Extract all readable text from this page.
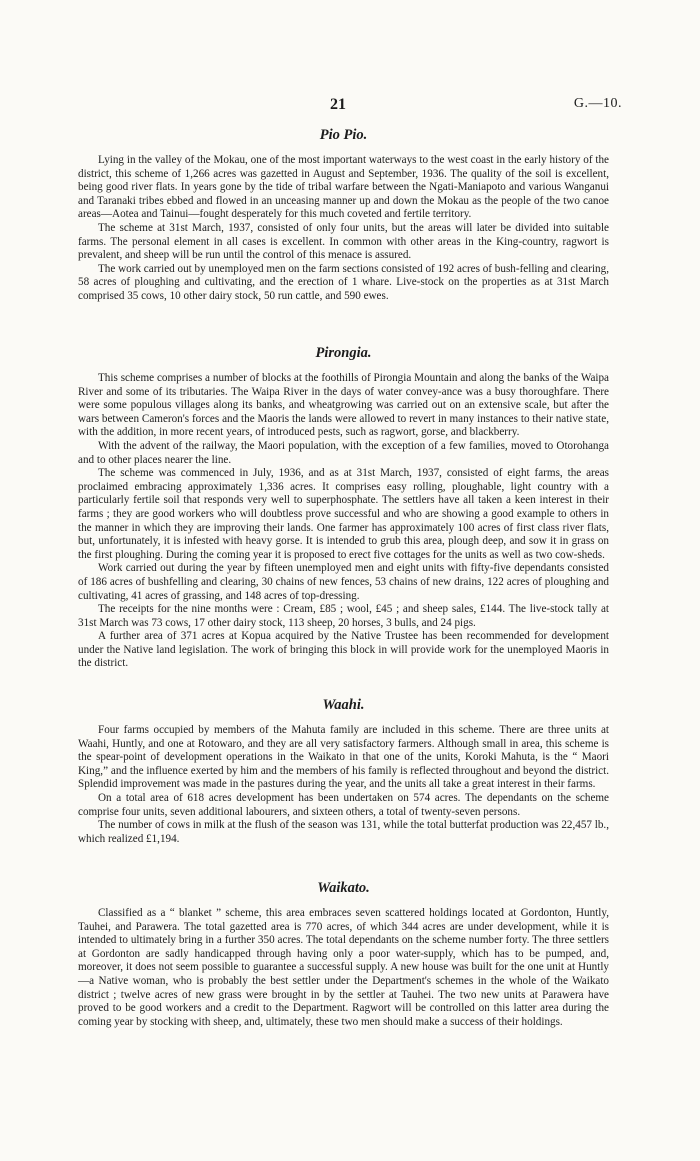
21	G.—10.
Pio Pio.

Lying in the valley of the Mokau, one of the most important waterways to the west coast in the early history of the district, this scheme of 1,266 acres was gazetted in August and September, 1936. The quality of the soil is excellent, being good river flats. In years gone by the tide of tribal warfare between the Ngati-Maniapoto and various Wanganui and Taranaki tribes ebbed and flowed in an unceasing manner up and down the Mokau as the people of the two canoe areas—Aotea and Tainui—fought desperately for this much coveted and fertile territory.

The scheme at 31st March, 1937, consisted of only four units, but the areas will later be divided into suitable farms. The personal element in all cases is excellent. In common with other areas in the King-country, ragwort is prevalent, and sheep will be run until the control of this menace is assured.

The work carried out by unemployed men on the farm sections consisted of 192 acres of bush-felling and clearing, 58 acres of ploughing and cultivating, and the erection of 1 whare. Live-stock on the properties as at 31st March comprised 35 cows, 10 other dairy stock, 50 run cattle, and 590 ewes.

Pirongia.

This scheme comprises a number of blocks at the foothills of Pirongia Mountain and along the banks of the Waipa River and some of its tributaries. The Waipa River in the days of water convey-ance was a busy thoroughfare. There were some populous villages along its banks, and wheatgrowing was carried out on an extensive scale, but after the wars between Cameron's forces and the Maoris the lands were allowed to revert in many instances to their native state, with the addition, in more recent years, of introduced pests, such as ragwort, gorse, and blackberry.

With the advent of the railway, the Maori population, with the exception of a few families, moved to Otorohanga and to other places nearer the line.

The scheme was commenced in July, 1936, and as at 31st March, 1937, consisted of eight farms, the areas proclaimed embracing approximately 1,336 acres. It comprises easy rolling, ploughable, light country with a particularly fertile soil that responds very well to superphosphate. The settlers have all taken a keen interest in their farms ; they are good workers who will doubtless prove successful and who are showing a good example to others in the manner in which they are improving their lands. One farmer has approximately 100 acres of first class river flats, but, unfortunately, it is infested with heavy gorse. It is intended to grub this area, plough deep, and sow it in grass on the first ploughing. During the coming year it is proposed to erect five cottages for the units as well as two cow-sheds.

Work carried out during the year by fifteen unemployed men and eight units with fifty-five dependants consisted of 186 acres of bushfelling and clearing, 30 chains of new fences, 53 chains of new drains, 122 acres of ploughing and cultivating, 41 acres of grassing, and 148 acres of top-dressing.

The receipts for the nine months were : Cream, £85 ; wool, £45 ; and sheep sales, £144. The live-stock tally at 31st March was 73 cows, 17 other dairy stock, 113 sheep, 20 horses, 3 bulls, and 24 pigs.

A further area of 371 acres at Kopua acquired by the Native Trustee has been recommended for development under the Native land legislation. The work of bringing this block in will provide work for the unemployed Maoris in the district.

Waahi.

Four farms occupied by members of the Mahuta family are included in this scheme. There are three units at Waahi, Huntly, and one at Rotowaro, and they are all very satisfactory farmers. Although small in area, this scheme is the spear-point of development operations in the Waikato in that one of the units, Koroki Mahuta, is the “ Maori King,” and the influence exerted by him and the members of his family is reflected throughout and beyond the district. Splendid improvement was made in the pastures during the year, and the units all take a great interest in their farms.

On a total area of 618 acres development has been undertaken on 574 acres. The dependants on the scheme comprise four units, seven additional labourers, and sixteen others, a total of twenty-seven persons.

The number of cows in milk at the flush of the season was 131, while the total butterfat production was 22,457 lb., which realized £1,194.

Waikato.

Classified as a “ blanket ” scheme, this area embraces seven scattered holdings located at Gordonton, Huntly, Tauhei, and Parawera. The total gazetted area is 770 acres, of which 344 acres are under development, while it is intended to ultimately bring in a further 350 acres. The total dependants on the scheme number forty. The three settlers at Gordonton are sadly handicapped through having only a poor water-supply, which has to be pumped, and, moreover, it does not seem possible to guarantee a successful supply. A new house was built for the one unit at Huntly—a Native woman, who is probably the best settler under the Department's schemes in the whole of the Waikato district ; twelve acres of new grass were brought in by the settler at Tauhei. The two new units at Parawera have proved to be good workers and a credit to the Department. Ragwort will be controlled on this latter area during the coming year by stocking with sheep, and, ultimately, these two men should make a success of their holdings.
